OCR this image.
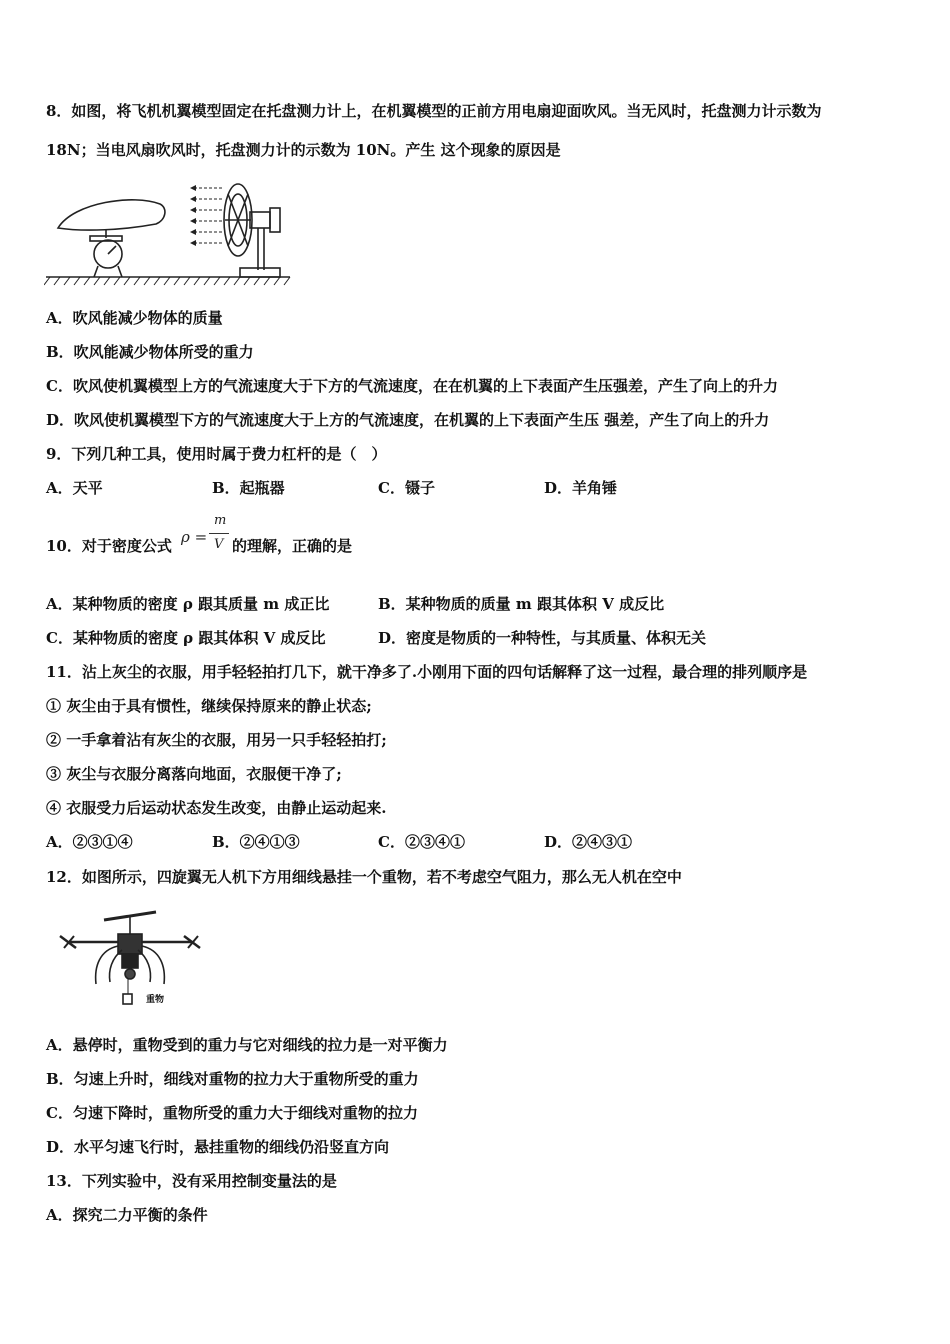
8．如图，将飞机机翼模型固定在托盘测力计上，在机翼模型的正前方用电扇迎面吹风。当无风时，托盘测力计示数为
18N；当电风扇吹风时，托盘测力计的示数为 10N。产生 这个现象的原因是
A．吹风能减少物体的质量
B．吹风能减少物体所受的重力
C．吹风使机翼模型上方的气流速度大于下方的气流速度，在在机翼的上下表面产生压强差，产生了向上的升力
D．吹风使机翼模型下方的气流速度大于上方的气流速度，在机翼的上下表面产生压 强差，产生了向上的升力
9．下列几种工具，使用时属于费力杠杆的是（　）
A．天平	B．起瓶器	C．镊子	D．羊角锤
10．对于密度公式 ρ =
m
V 的理解，正确的是
A．某种物质的密度 ρ 跟其质量 m 成正比	B．某种物质的质量 m 跟其体积 V 成反比
C．某种物质的密度 ρ 跟其体积 V 成反比	D．密度是物质的一种特性，与其质量、体积无关
11．沾上灰尘的衣服，用手轻轻拍打几下，就干净多了.小刚用下面的四句话解释了这一过程，最合理的排列顺序是
① 灰尘由于具有惯性，继续保持原来的静止状态;
② 一手拿着沾有灰尘的衣服，用另一只手轻轻拍打;
③ 灰尘与衣服分离落向地面，衣服便干净了;
④ 衣服受力后运动状态发生改变，由静止运动起来.
A．②③①④	B．②④①③	C．②③④①	D．②④③①
12．如图所示，四旋翼无人机下方用细线悬挂一个重物，若不考虑空气阻力，那么无人机在空中
重物
A．悬停时，重物受到的重力与它对细线的拉力是一对平衡力
B．匀速上升时，细线对重物的拉力大于重物所受的重力
C．匀速下降时，重物所受的重力大于细线对重物的拉力
D．水平匀速飞行时，悬挂重物的细线仍沿竖直方向
13．下列实验中，没有采用控制变量法的是
A．探究二力平衡的条件
